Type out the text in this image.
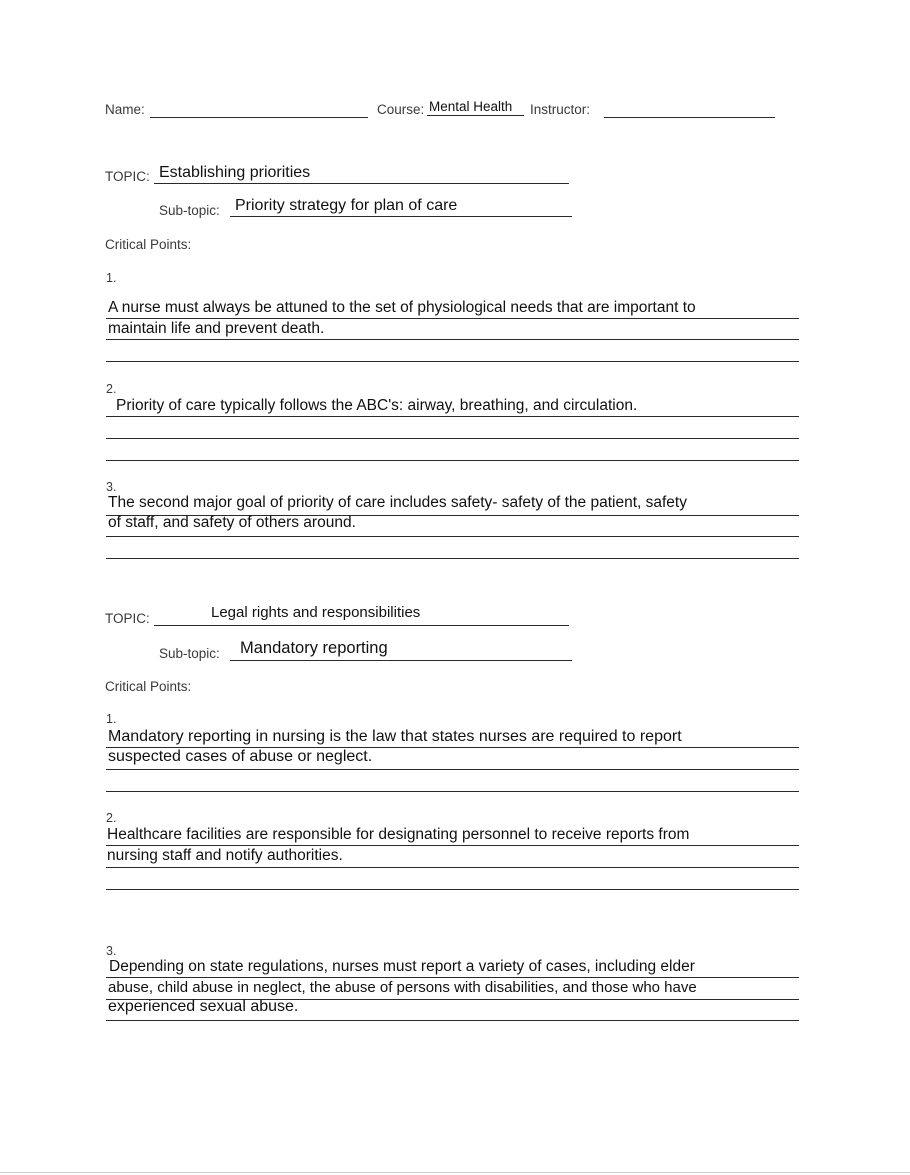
Name:	Course: Mental Health Instructor:
TOPIC: Establishing priorities
Sub-topic: Priority strategy for plan of care
Critical Points:
1.
A nurse must always be attuned to the set of physiological needs that are important to
maintain life and prevent death.
2.
Priority of care typically follows the ABC's: airway, breathing, and circulation.
3.
The second major goal of priority of care includes safety- safety of the patient, safety
of staff, and safety of others around.
TOPIC:	Legal rights and responsibilities
Sub-topic: Mandatory reporting
Critical Points:
1.
Mandatory reporting in nursing is the law that states nurses are required to report
suspected cases of abuse or neglect.
2.
Healthcare facilities are responsible for designating personnel to receive reports from
nursing staff and notify authorities.
3.
Depending on state regulations, nurses must report a variety of cases, including elder
abuse, child abuse in neglect, the abuse of persons with disabilities, and those who have
experienced sexual abuse.
